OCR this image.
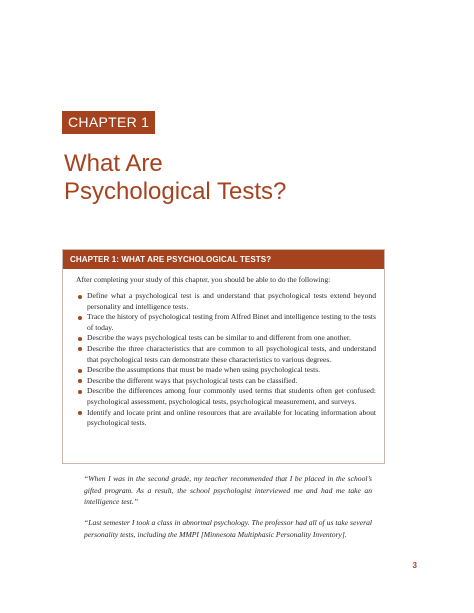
CHAPTER 1
What Are
Psychological Tests?
CHAPTER 1: WHAT ARE PSYCHOLOGICAL TESTS?

After completing your study of this chapter, you should be able to do the following:

Define what a psychological test is and understand that psychological tests extend beyond personality and intelligence tests.
Trace the history of psychological testing from Alfred Binet and intelligence testing to the tests of today.
Describe the ways psychological tests can be similar to and different from one another.
Describe the three characteristics that are common to all psychological tests, and understand that psychological tests can demonstrate these characteristics to various degrees.
Describe the assumptions that must be made when using psychological tests.
Describe the different ways that psychological tests can be classified.
Describe the differences among four commonly used terms that students often get confused: psychological assessment, psychological tests, psychological measurement, and surveys.
Identify and locate print and online resources that are available for locating information about psychological tests.

“When I was in the second grade, my teacher recommended that I be placed in the school’s gifted program. As a result, the school psychologist interviewed me and had me take an intelligence test.”

“Last semester I took a class in abnormal psychology. The professor had all of us take several personality tests, including the MMPI [Minnesota Multiphasic Personality Inventory].

3
